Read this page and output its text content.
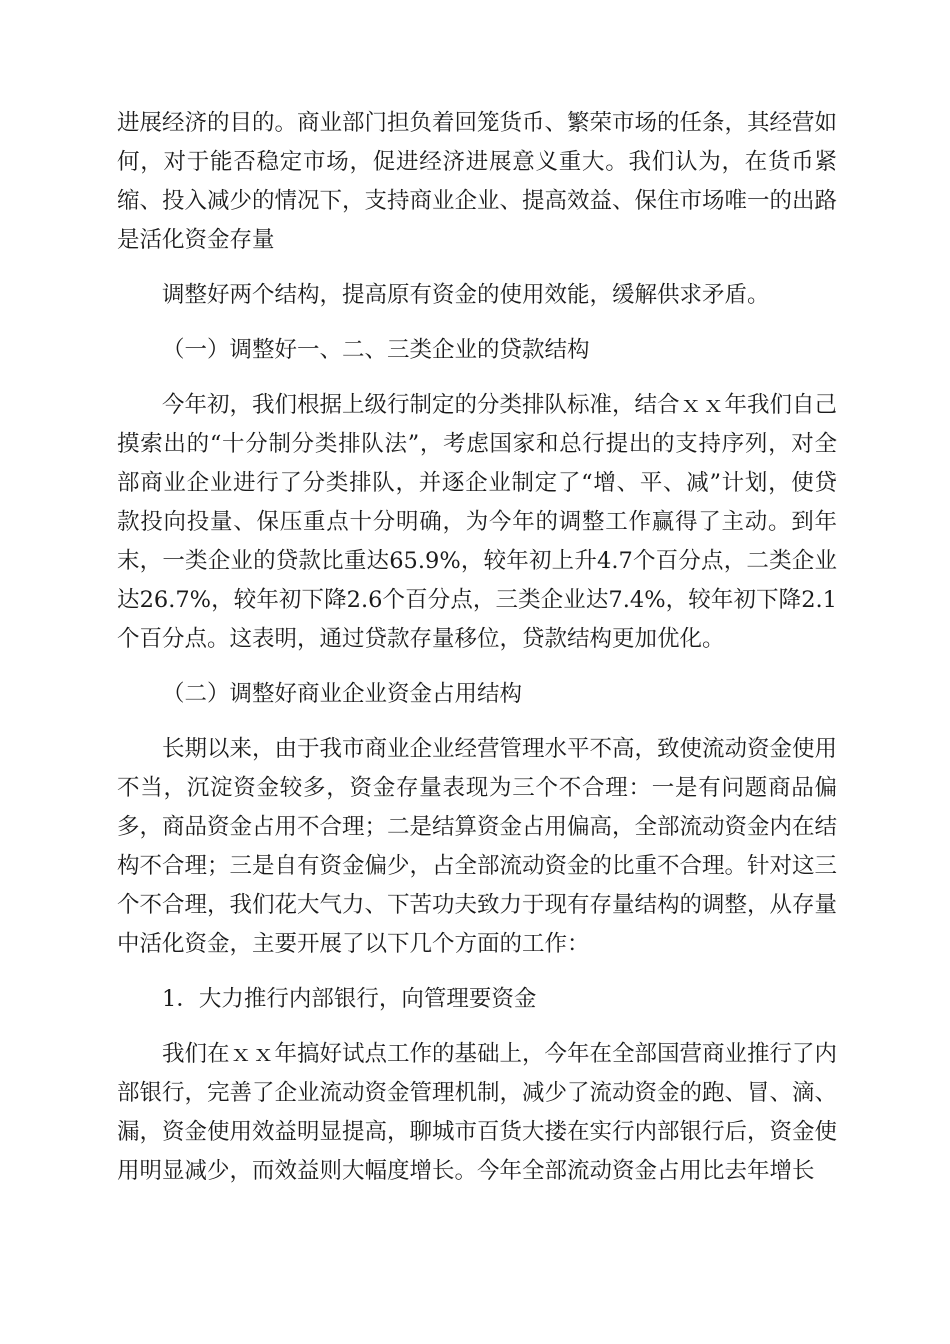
进展经济的目的。商业部门担负着回笼货币、繁荣市场的任条，其经营如何，对于能否稳定市场，促进经济进展意义重大。我们认为，在货币紧缩、投入减少的情况下，支持商业企业、提高效益、保住市场唯一的出路是活化资金存量

调整好两个结构，提高原有资金的使用效能，缓解供求矛盾。

（一）调整好一、二、三类企业的贷款结构

今年初，我们根据上级行制定的分类排队标准，结合ｘｘ年我们自己摸索出的“十分制分类排队法”，考虑国家和总行提出的支持序列，对全部商业企业进行了分类排队，并逐企业制定了“增、平、减”计划，使贷款投向投量、保压重点十分明确，为今年的调整工作赢得了主动。到年末，一类企业的贷款比重达65.9%，较年初上升4.7个百分点，二类企业达26.7%，较年初下降2.6个百分点，三类企业达7.4%，较年初下降2.1个百分点。这表明，通过贷款存量移位，贷款结构更加优化。

（二）调整好商业企业资金占用结构

长期以来，由于我市商业企业经营管理水平不高，致使流动资金使用不当，沉淀资金较多，资金存量表现为三个不合理：一是有问题商品偏多，商品资金占用不合理；二是结算资金占用偏高，全部流动资金内在结构不合理；三是自有资金偏少，占全部流动资金的比重不合理。针对这三个不合理，我们花大气力、下苦功夫致力于现有存量结构的调整，从存量中活化资金，主要开展了以下几个方面的工作：

1．大力推行内部银行，向管理要资金

我们在ｘｘ年搞好试点工作的基础上，今年在全部国营商业推行了内部银行，完善了企业流动资金管理机制，减少了流动资金的跑、冒、滴、漏，资金使用效益明显提高，聊城市百货大搂在实行内部银行后，资金使用明显减少，而效益则大幅度增长。今年全部流动资金占用比去年增长
